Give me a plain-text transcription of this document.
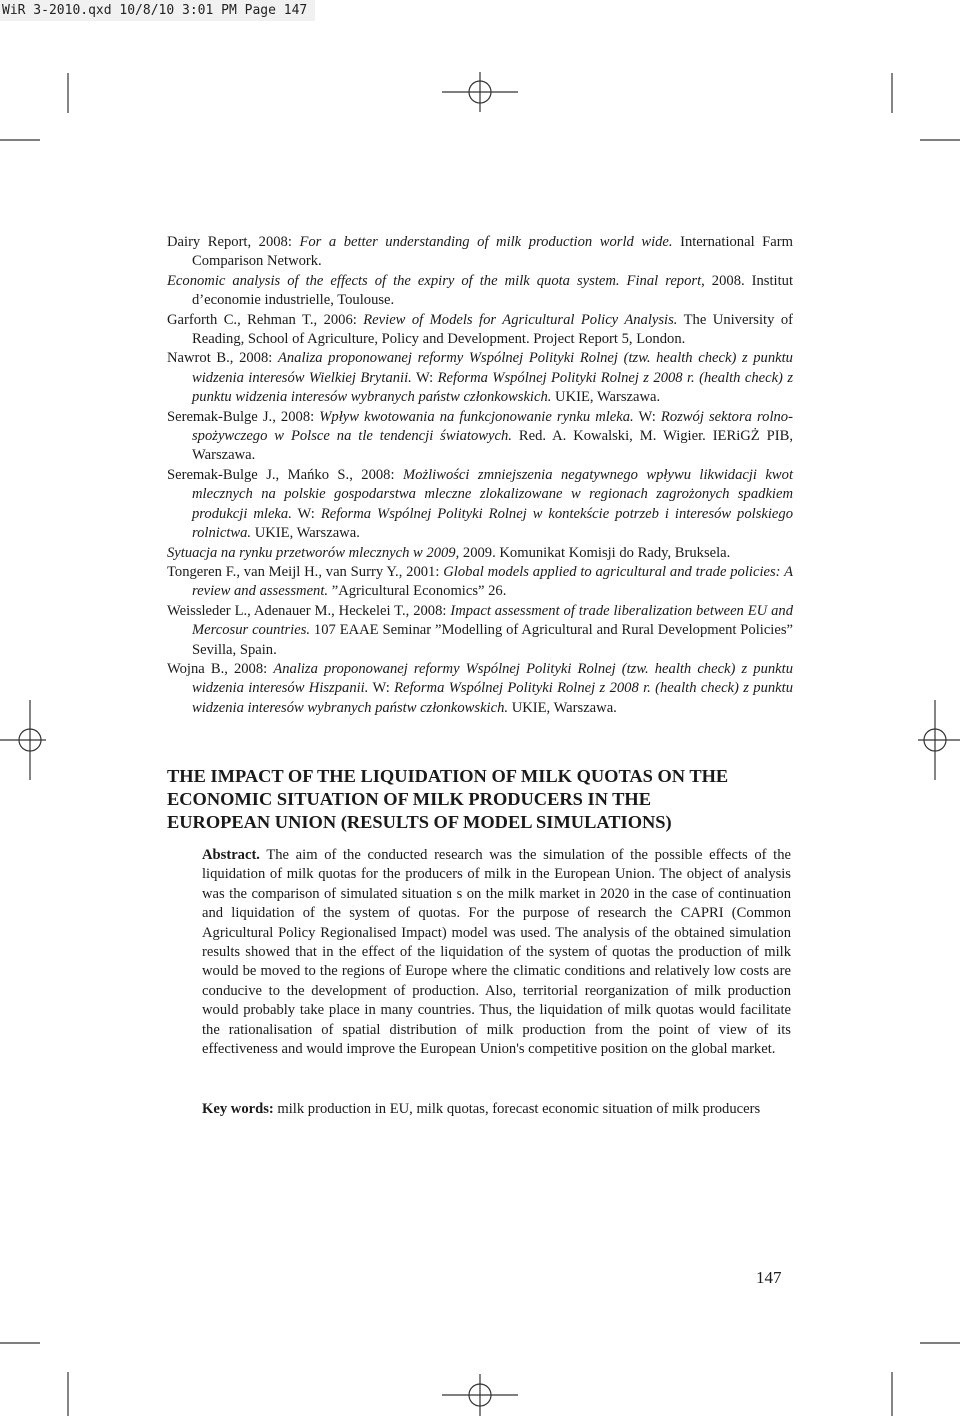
WiR 3-2010.qxd 10/8/10 3:01 PM Page 147

Dairy Report, 2008: For a better understanding of milk production world wide. International Farm Comparison Network.

Economic analysis of the effects of the expiry of the milk quota system. Final report, 2008. Institut d’economie industrielle, Toulouse.

Garforth C., Rehman T., 2006: Review of Models for Agricultural Policy Analysis. The University of Reading, School of Agriculture, Policy and Development. Project Report 5, London.

Nawrot B., 2008: Analiza proponowanej reformy Wspólnej Polityki Rolnej (tzw. health check) z punktu widzenia interesów Wielkiej Brytanii. W: Reforma Wspólnej Polityki Rolnej z 2008 r. (health check) z punktu widzenia interesów wybranych państw członkowskich. UKIE, Warszawa.

Seremak-Bulge J., 2008: Wpływ kwotowania na funkcjonowanie rynku mleka. W: Rozwój sektora rolno-spożywczego w Polsce na tle tendencji światowych. Red. A. Kowalski, M. Wigier. IERiGŻ PIB, Warszawa.

Seremak-Bulge J., Mańko S., 2008: Możliwości zmniejszenia negatywnego wpływu likwidacji kwot mlecznych na polskie gospodarstwa mleczne zlokalizowane w regionach zagrożonych spadkiem produkcji mleka. W: Reforma Wspólnej Polityki Rolnej w kontekście potrzeb i interesów polskiego rolnictwa. UKIE, Warszawa.

Sytuacja na rynku przetworów mlecznych w 2009, 2009. Komunikat Komisji do Rady, Bruksela.

Tongeren F., van Meijl H., van Surry Y., 2001: Global models applied to agricultural and trade policies: A review and assessment. ”Agricultural Economics” 26.

Weissleder L., Adenauer M., Heckelei T., 2008: Impact assessment of trade liberalization between EU and Mercosur countries. 107 EAAE Seminar ”Modelling of Agricultural and Rural Development Policies” Sevilla, Spain.

Wojna B., 2008: Analiza proponowanej reformy Wspólnej Polityki Rolnej (tzw. health check) z punktu widzenia interesów Hiszpanii. W: Reforma Wspólnej Polityki Rolnej z 2008 r. (health check) z punktu widzenia interesów wybranych państw członkowskich. UKIE, Warszawa.

THE IMPACT OF THE LIQUIDATION OF MILK QUOTAS ON THE
ECONOMIC SITUATION OF MILK PRODUCERS IN THE
EUROPEAN UNION (RESULTS OF MODEL SIMULATIONS)

Abstract. The aim of the conducted research was the simulation of the possible effects of the liquidation of milk quotas for the producers of milk in the European Union. The object of analysis was the comparison of simulated situation s on the milk market in 2020 in the case of continuation and liquidation of the system of quotas. For the purpose of research the CAPRI (Common Agricultural Policy Regionalised Impact) model was used. The analysis of the obtained simulation results showed that in the effect of the liquidation of the system of quotas the production of milk would be moved to the regions of Europe where the climatic conditions and relatively low costs are conducive to the development of production. Also, territorial reorganization of milk production would probably take place in many countries. Thus, the liquidation of milk quotas would facilitate the rationalisation of spatial distribution of milk production from the point of view of its effectiveness and would improve the European Union's competitive position on the global market.

Key words: milk production in EU, milk quotas, forecast economic situation of milk producers

147
